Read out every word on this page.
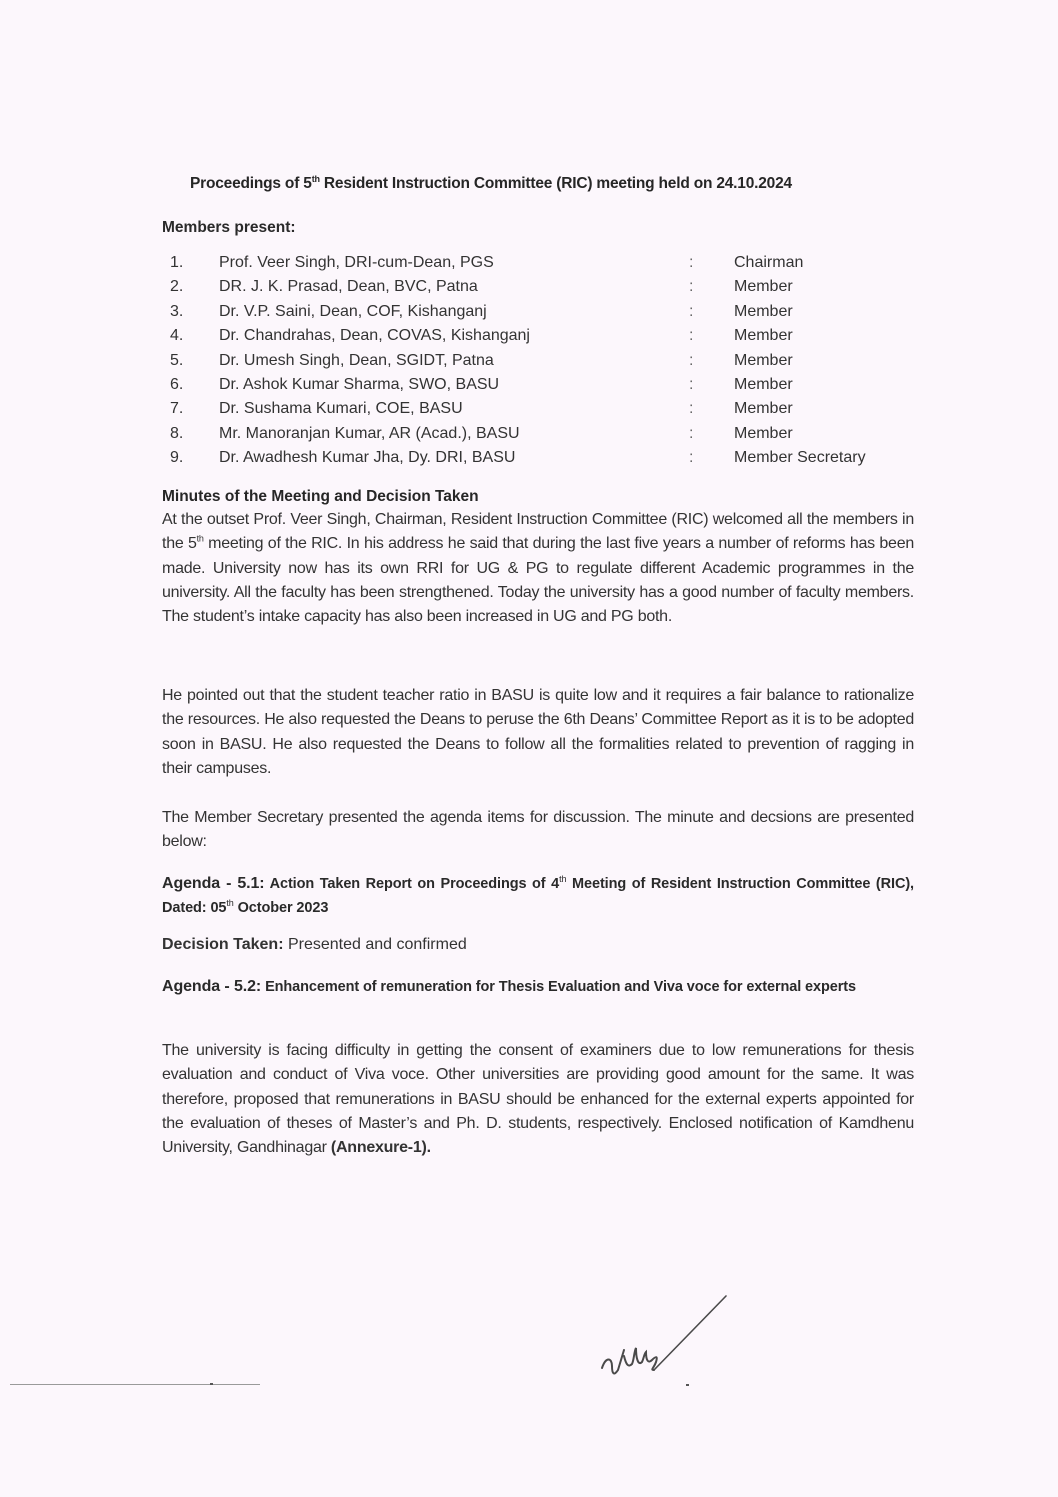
Proceedings of 5th Resident Instruction Committee (RIC) meeting held on 24.10.2024
Members present:
1. Prof. Veer Singh, DRI-cum-Dean, PGS	:	Chairman
2. DR. J. K. Prasad, Dean, BVC, Patna	:	Member
3. Dr. V.P. Saini, Dean, COF, Kishanganj	:	Member
4. Dr. Chandrahas, Dean, COVAS, Kishanganj	:	Member
5. Dr. Umesh Singh, Dean, SGIDT, Patna	:	Member
6. Dr. Ashok Kumar Sharma, SWO, BASU	:	Member
7. Dr. Sushama Kumari, COE, BASU	:	Member
8. Mr. Manoranjan Kumar, AR (Acad.), BASU	:	Member
9. Dr. Awadhesh Kumar Jha, Dy. DRI, BASU	:	Member Secretary
Minutes of the Meeting and Decision Taken

At the outset Prof. Veer Singh, Chairman, Resident Instruction Committee (RIC) welcomed all the members in the 5th meeting of the RIC. In his address he said that during the last five years a number of reforms has been made. University now has its own RRI for UG & PG to regulate different Academic programmes in the university. All the faculty has been strengthened. Today the university has a good number of faculty members. The student’s intake capacity has also been increased in UG and PG both.

He pointed out that the student teacher ratio in BASU is quite low and it requires a fair balance to rationalize the resources. He also requested the Deans to peruse the 6th Deans’ Committee Report as it is to be adopted soon in BASU. He also requested the Deans to follow all the formalities related to prevention of ragging in their campuses.

The Member Secretary presented the agenda items for discussion. The minute and decsions are presented below:

Agenda - 5.1: Action Taken Report on Proceedings of 4th Meeting of Resident Instruction Committee (RIC), Dated: 05th October 2023

Decision Taken: Presented and confirmed

Agenda - 5.2: Enhancement of remuneration for Thesis Evaluation and Viva voce for external experts

The university is facing difficulty in getting the consent of examiners due to low remunerations for thesis evaluation and conduct of Viva voce. Other universities are providing good amount for the same. It was therefore, proposed that remunerations in BASU should be enhanced for the external experts appointed for the evaluation of theses of Master’s and Ph. D. students, respectively. Enclosed notification of Kamdhenu University, Gandhinagar (Annexure-1).
